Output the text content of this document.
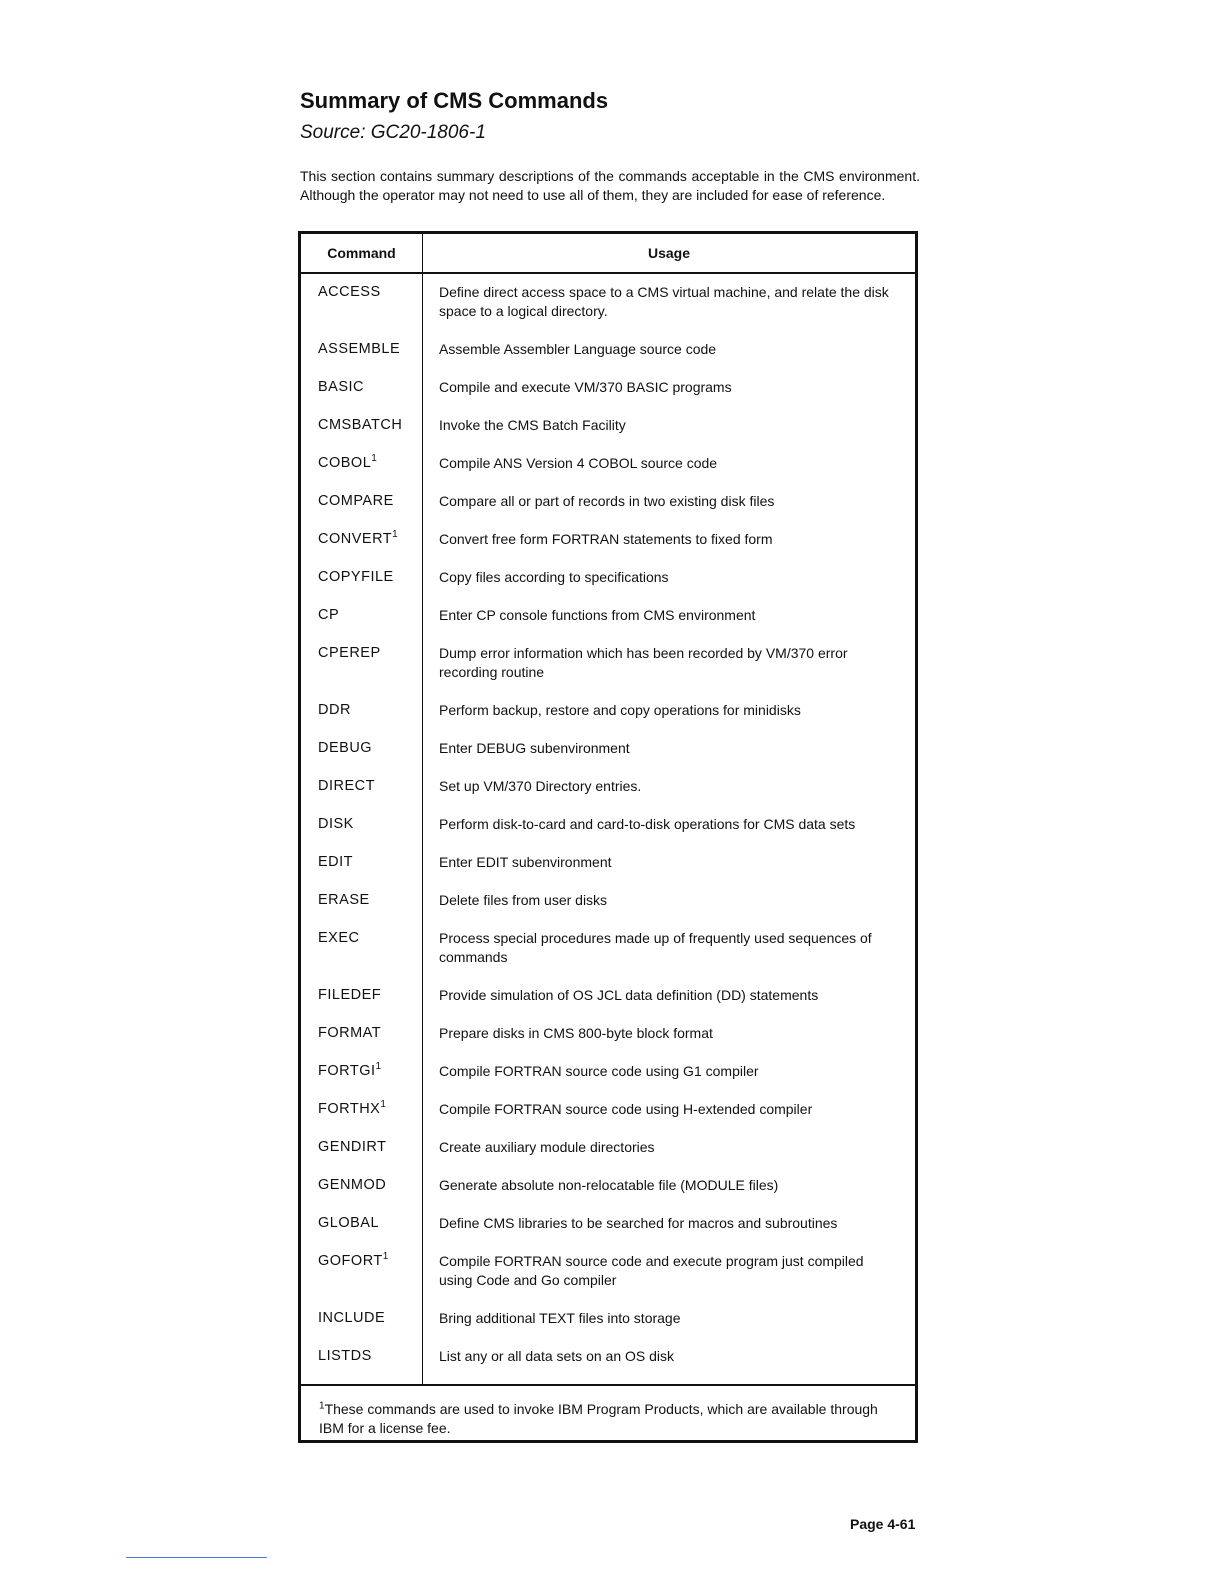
Summary of CMS Commands
Source: GC20-1806-1

This section contains summary descriptions of the commands acceptable in the CMS environment. Although the operator may not need to use all of them, they are included for ease of reference.

Command	Usage
ACCESS	Define direct access space to a CMS virtual machine, and relate the disk space to a logical directory.
ASSEMBLE	Assemble Assembler Language source code
BASIC	Compile and execute VM/370 BASIC programs
CMSBATCH	Invoke the CMS Batch Facility
COBOL$^1$	Compile ANS Version 4 COBOL source code
COMPARE	Compare all or part of records in two existing disk files
CONVERT$^1$	Convert free form FORTRAN statements to fixed form
COPYFILE	Copy files according to specifications
CP	Enter CP console functions from CMS environment
CPEREP	Dump error information which has been recorded by VM/370 error recording routine
DDR	Perform backup, restore and copy operations for minidisks
DEBUG	Enter DEBUG subenvironment
DIRECT	Set up VM/370 Directory entries.
DISK	Perform disk-to-card and card-to-disk operations for CMS data sets
EDIT	Enter EDIT subenvironment
ERASE	Delete files from user disks
EXEC	Process special procedures made up of frequently used sequences of commands
FILEDEF	Provide simulation of OS JCL data definition (DD) statements
FORMAT	Prepare disks in CMS 800-byte block format
FORTGI$^1$	Compile FORTRAN source code using G1 compiler
FORTHX$^1$	Compile FORTRAN source code using H-extended compiler
GENDIRT	Create auxiliary module directories
GENMOD	Generate absolute non-relocatable file (MODULE files)
GLOBAL	Define CMS libraries to be searched for macros and subroutines
GOFORT$^1$	Compile FORTRAN source code and execute program just compiled using Code and Go compiler
INCLUDE	Bring additional TEXT files into storage
LISTDS	List any or all data sets on an OS disk

$^1$These commands are used to invoke IBM Program Products, which are available through IBM for a license fee.

Page 4-61
